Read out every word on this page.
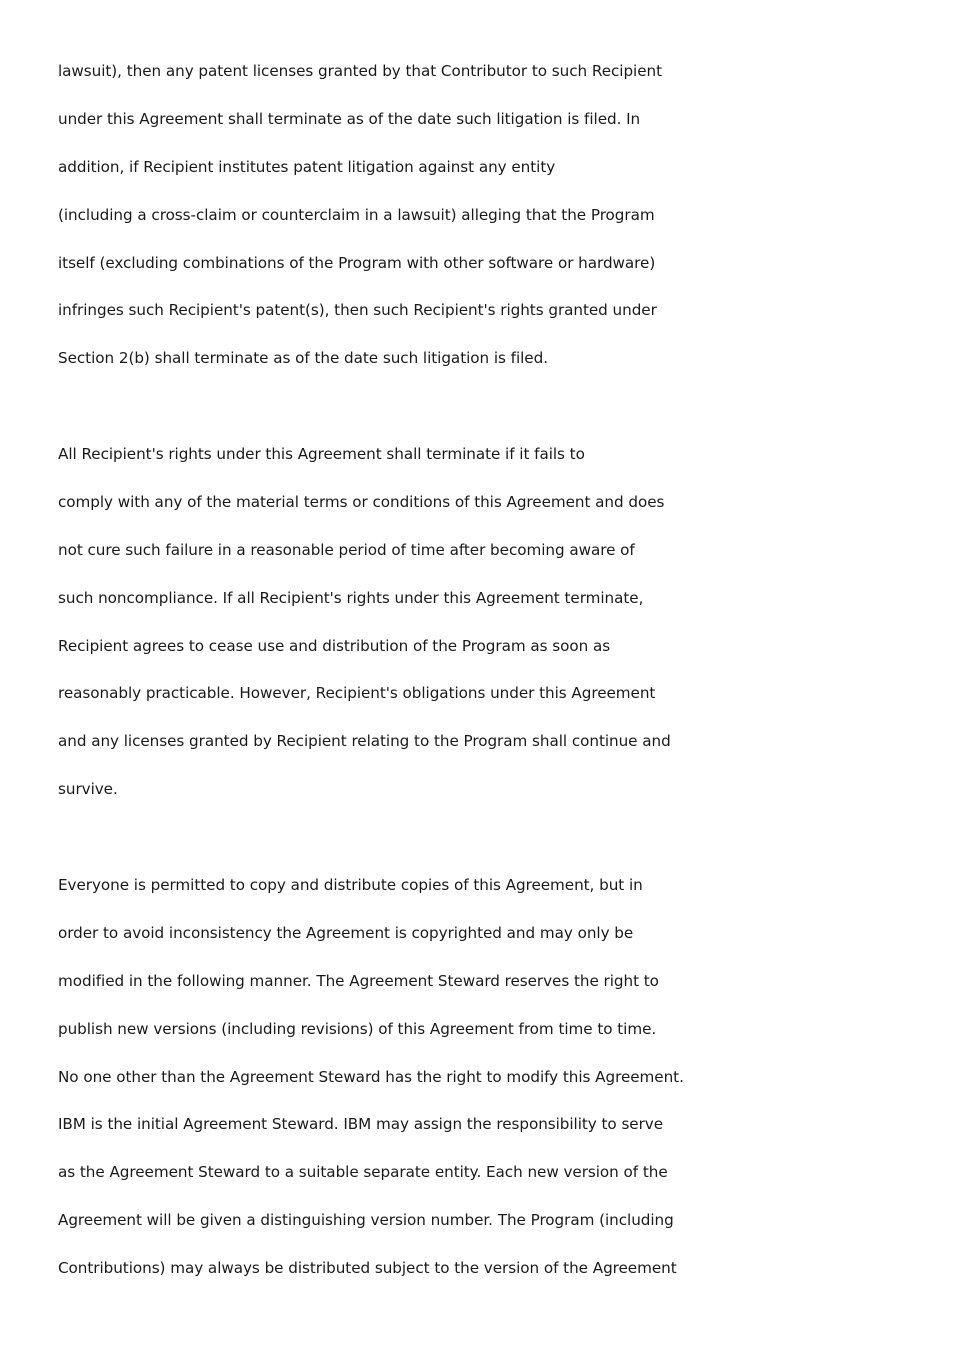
lawsuit), then any patent licenses granted by that Contributor to such Recipient
under this Agreement shall terminate as of the date such litigation is filed. In
addition, if Recipient institutes patent litigation against any entity
(including a cross-claim or counterclaim in a lawsuit) alleging that the Program
itself (excluding combinations of the Program with other software or hardware)
infringes such Recipient's patent(s), then such Recipient's rights granted under
Section 2(b) shall terminate as of the date such litigation is filed.
All Recipient's rights under this Agreement shall terminate if it fails to
comply with any of the material terms or conditions of this Agreement and does
not cure such failure in a reasonable period of time after becoming aware of
such noncompliance. If all Recipient's rights under this Agreement terminate,
Recipient agrees to cease use and distribution of the Program as soon as
reasonably practicable. However, Recipient's obligations under this Agreement
and any licenses granted by Recipient relating to the Program shall continue and
survive.
Everyone is permitted to copy and distribute copies of this Agreement, but in
order to avoid inconsistency the Agreement is copyrighted and may only be
modified in the following manner. The Agreement Steward reserves the right to
publish new versions (including revisions) of this Agreement from time to time.
No one other than the Agreement Steward has the right to modify this Agreement.
IBM is the initial Agreement Steward. IBM may assign the responsibility to serve
as the Agreement Steward to a suitable separate entity. Each new version of the
Agreement will be given a distinguishing version number. The Program (including
Contributions) may always be distributed subject to the version of the Agreement
